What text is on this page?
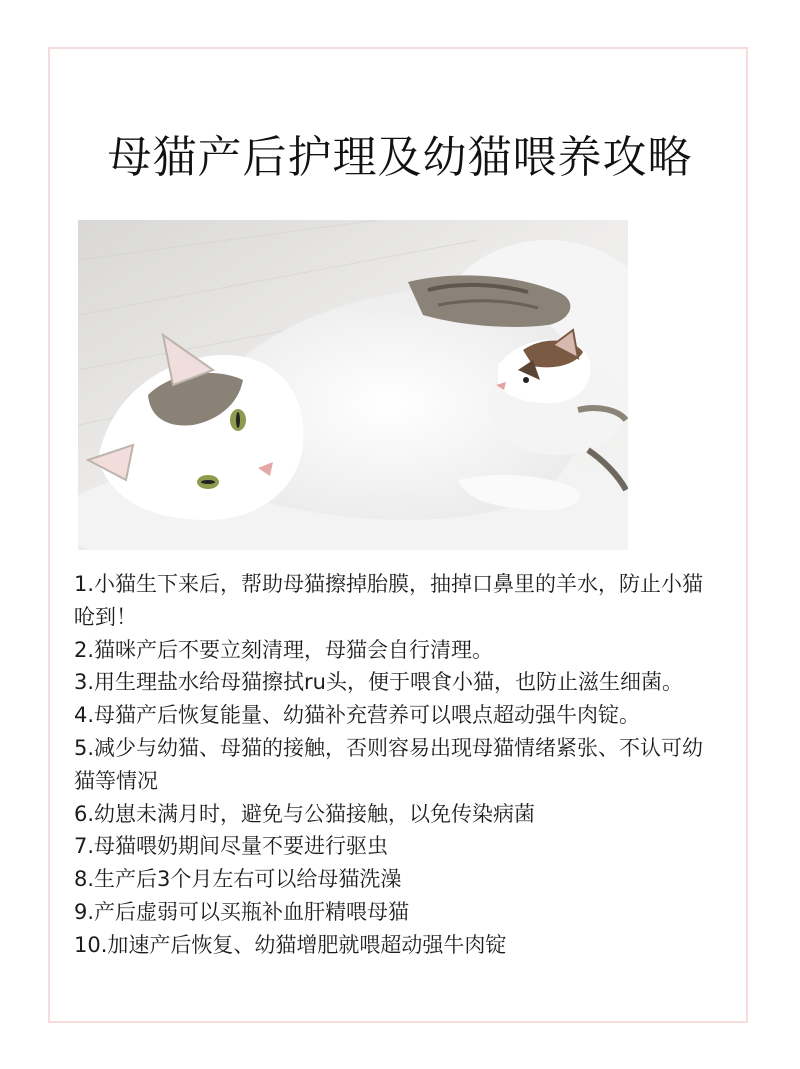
母猫产后护理及幼猫喂养攻略
1.小猫生下来后，帮助母猫擦掉胎膜，抽掉口鼻里的羊水，防止小猫呛到！
2.猫咪产后不要立刻清理，母猫会自行清理。
3.用生理盐水给母猫擦拭ru头，便于喂食小猫，也防止滋生细菌。
4.母猫产后恢复能量、幼猫补充营养可以喂点超动强牛肉锭。
5.减少与幼猫、母猫的接触，否则容易出现母猫情绪紧张、不认可幼猫等情况
6.幼崽未满月时，避免与公猫接触，以免传染病菌
7.母猫喂奶期间尽量不要进行驱虫
8.生产后3个月左右可以给母猫洗澡
9.产后虚弱可以买瓶补血肝精喂母猫
10.加速产后恢复、幼猫增肥就喂超动强牛肉锭
